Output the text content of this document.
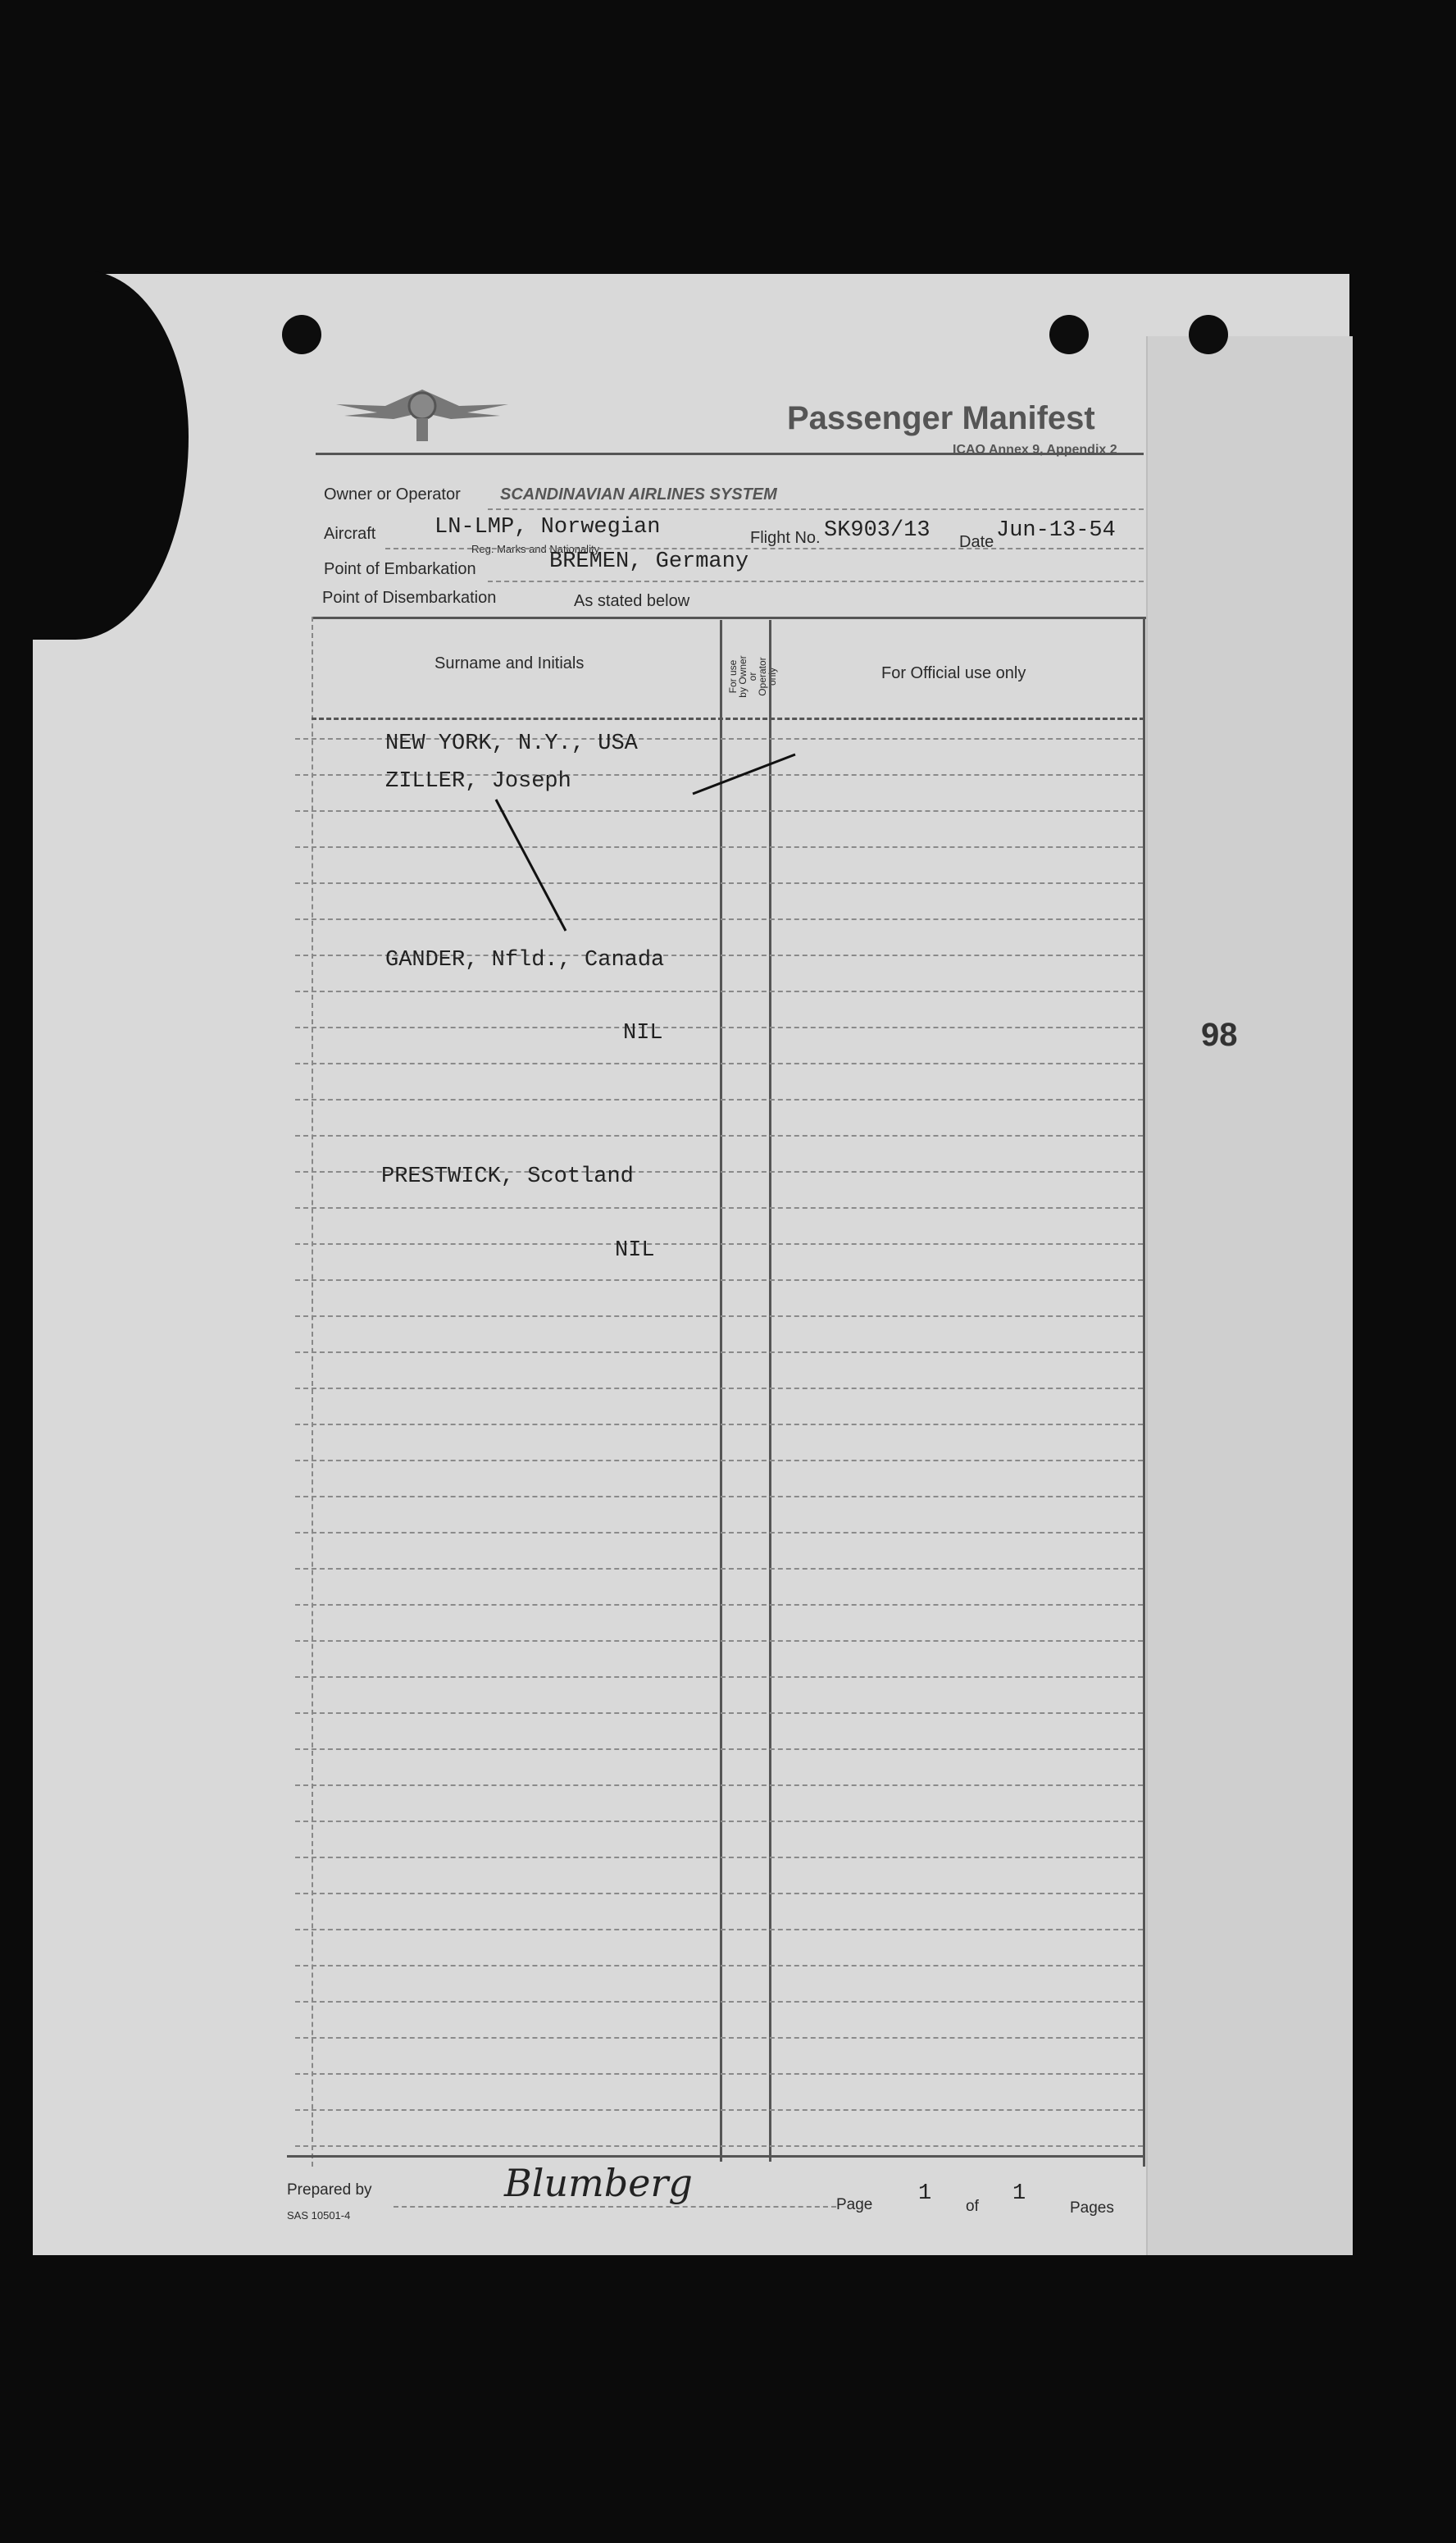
Passenger Manifest
ICAO Annex 9, Appendix 2
Owner or Operator SCANDINAVIAN AIRLINES SYSTEM
Aircraft	LN-LMP, Norwegian
Reg. Marks and Nationality
Flight No. SK903/13 Date Jun-13-54
Point of Embarkation	BREMEN, Germany
Point of Disembarkation	As stated below
Surname and Initials	For use by Owner or Operator only	For Official use only
NEW YORK, N.Y., USA
ZILLER, Joseph
GANDER, Nfld., Canada
NIL
PRESTWICK, Scotland
NIL
98
Prepared by	Blumberg
SAS 10501-4
Page 1
of
1
Pages
